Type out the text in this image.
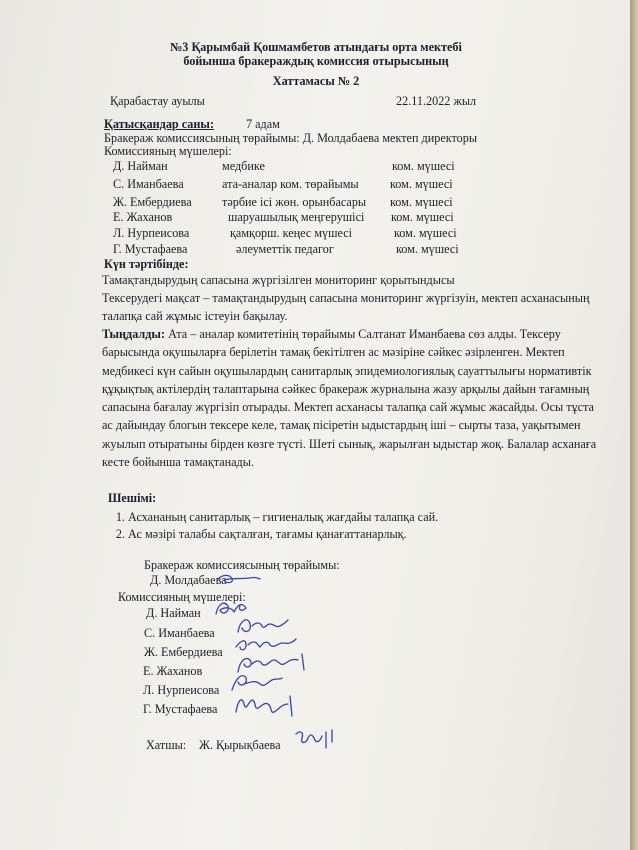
№3 Қарымбай Қошмамбетов атындағы орта мектебі
бойынша бракераждық комиссия отырысының
Хаттамасы № 2
Қарабастау ауылы	22.11.2022 жыл
Қатысқандар саны:	7 адам
Бракераж комиссиясының төрайымы: Д. Молдабаева мектеп директоры
Комиссияның мүшелері:
Д. Найман	медбике	ком. мүшесі
С. Иманбаева	ата-аналар ком. төрайымы	ком. мүшесі
Ж. Ембердиева тәрбие ісі жөн. орынбасары ком. мүшесі
Е. Жаханов	шаруашылық меңгерушісі ком. мүшесі
Л. Нурпеисова	қамқорш. кеңес мүшесі	ком. мүшесі
Г. Мустафаева	әлеуметтік педагог	ком. мүшесі
Күн тәртібінде:
Тамақтандырудың сапасына жүргізілген мониторинг қорытындысы
Тексерудегі мақсат – тамақтандырудың сапасына мониторинг жүргізуін, мектеп асханасының талапқа сай жұмыс істеуін бақылау.
Тыңдалды: Ата – аналар комитетінің төрайымы Салтанат Иманбаева сөз алды. Тексеру барысында оқушыларға берілетін тамақ бекітілген ас мәзіріне сәйкес әзірленген. Мектеп медбикесі күн сайын оқушылардың санитарлық эпидемиологиялық сауаттылығы нормативтік құқықтық актілердің талаптарына сәйкес бракераж журналына жазу арқылы дайын тағамның сапасына бағалау жүргізіп отырады. Мектеп асханасы талапқа сай жұмыс жасайды. Осы тұста ас дайындау блогын тексере келе, тамақ пісіретін ыдыстардың іші – сырты таза, уақытымен жуылып отыратыны бірден көзге түсті. Шеті сынық, жарылған ыдыстар жоқ. Балалар асханаға кесте бойынша тамақтанады.
Шешімі:
1. Асхананың санитарлық – гигиеналық жағдайы талапқа сай.
2. Ас мәзірі талабы сақталған, тағамы қанағаттанарлық.
Бракераж комиссиясының төрайымы:
Д. Молдабаева
Комиссияның мүшелері:
Д. Найман
С. Иманбаева
Ж. Ембердиева
Е. Жаханов
Л. Нурпеисова
Г. Мустафаева
Хатшы: Ж. Қырықбаева
